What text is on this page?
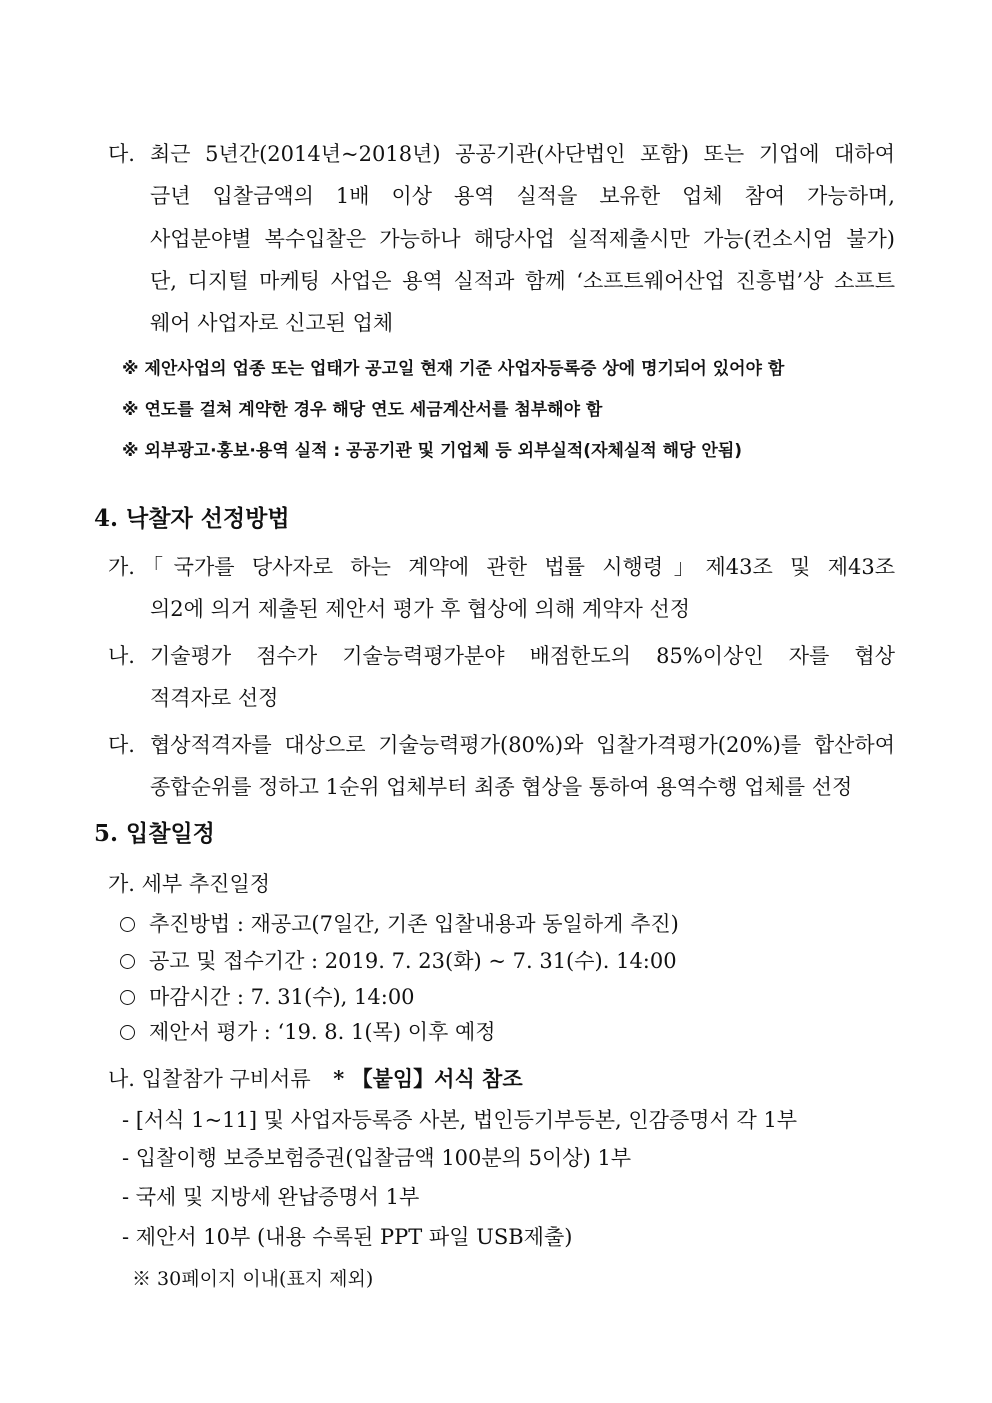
다. 최근 5년간(2014년~2018년) 공공기관(사단법인 포함) 또는 기업에 대하여
금년 입찰금액의 1배 이상 용역 실적을 보유한 업체 참여 가능하며,
사업분야별 복수입찰은 가능하나 해당사업 실적제출시만 가능(컨소시엄 불가)
단, 디지털 마케팅 사업은 용역 실적과 함께 ‘소프트웨어산업 진흥법’상 소프트
웨어 사업자로 신고된 업체
※ 제안사업의 업종 또는 업태가 공고일 현재 기준 사업자등록증 상에 명기되어 있어야 함
※ 연도를 걸쳐 계약한 경우 해당 연도 세금계산서를 첨부해야 함
※ 외부광고·홍보·용역 실적 : 공공기관 및 기업체 등 외부실적(자체실적 해당 안됨)
4. 낙찰자 선정방법
가. 「국가를 당사자로 하는 계약에 관한 법률 시행령」제43조 및 제43조
의2에 의거 제출된 제안서 평가 후 협상에 의해 계약자 선정
나. 기술평가 점수가 기술능력평가분야 배점한도의 85%이상인 자를 협상
적격자로 선정
다. 협상적격자를 대상으로 기술능력평가(80%)와 입찰가격평가(20%)를 합산하여
종합순위를 정하고 1순위 업체부터 최종 협상을 통하여 용역수행 업체를 선정
5. 입찰일정
가. 세부 추진일정
추진방법 : 재공고(7일간, 기존 입찰내용과 동일하게 추진)
공고 및 접수기간 : 2019. 7. 23(화) ~ 7. 31(수). 14:00
마감시간 : 7. 31(수), 14:00
제안서 평가 : ‘19. 8. 1(목) 이후 예정
나. 입찰참가 구비서류 * 【붙임】서식 참조
- [서식 1~11] 및 사업자등록증 사본, 법인등기부등본, 인감증명서 각 1부
- 입찰이행 보증보험증권(입찰금액 100분의 5이상) 1부
- 국세 및 지방세 완납증명서 1부
- 제안서 10부 (내용 수록된 PPT 파일 USB제출)
※ 30페이지 이내(표지 제외)
